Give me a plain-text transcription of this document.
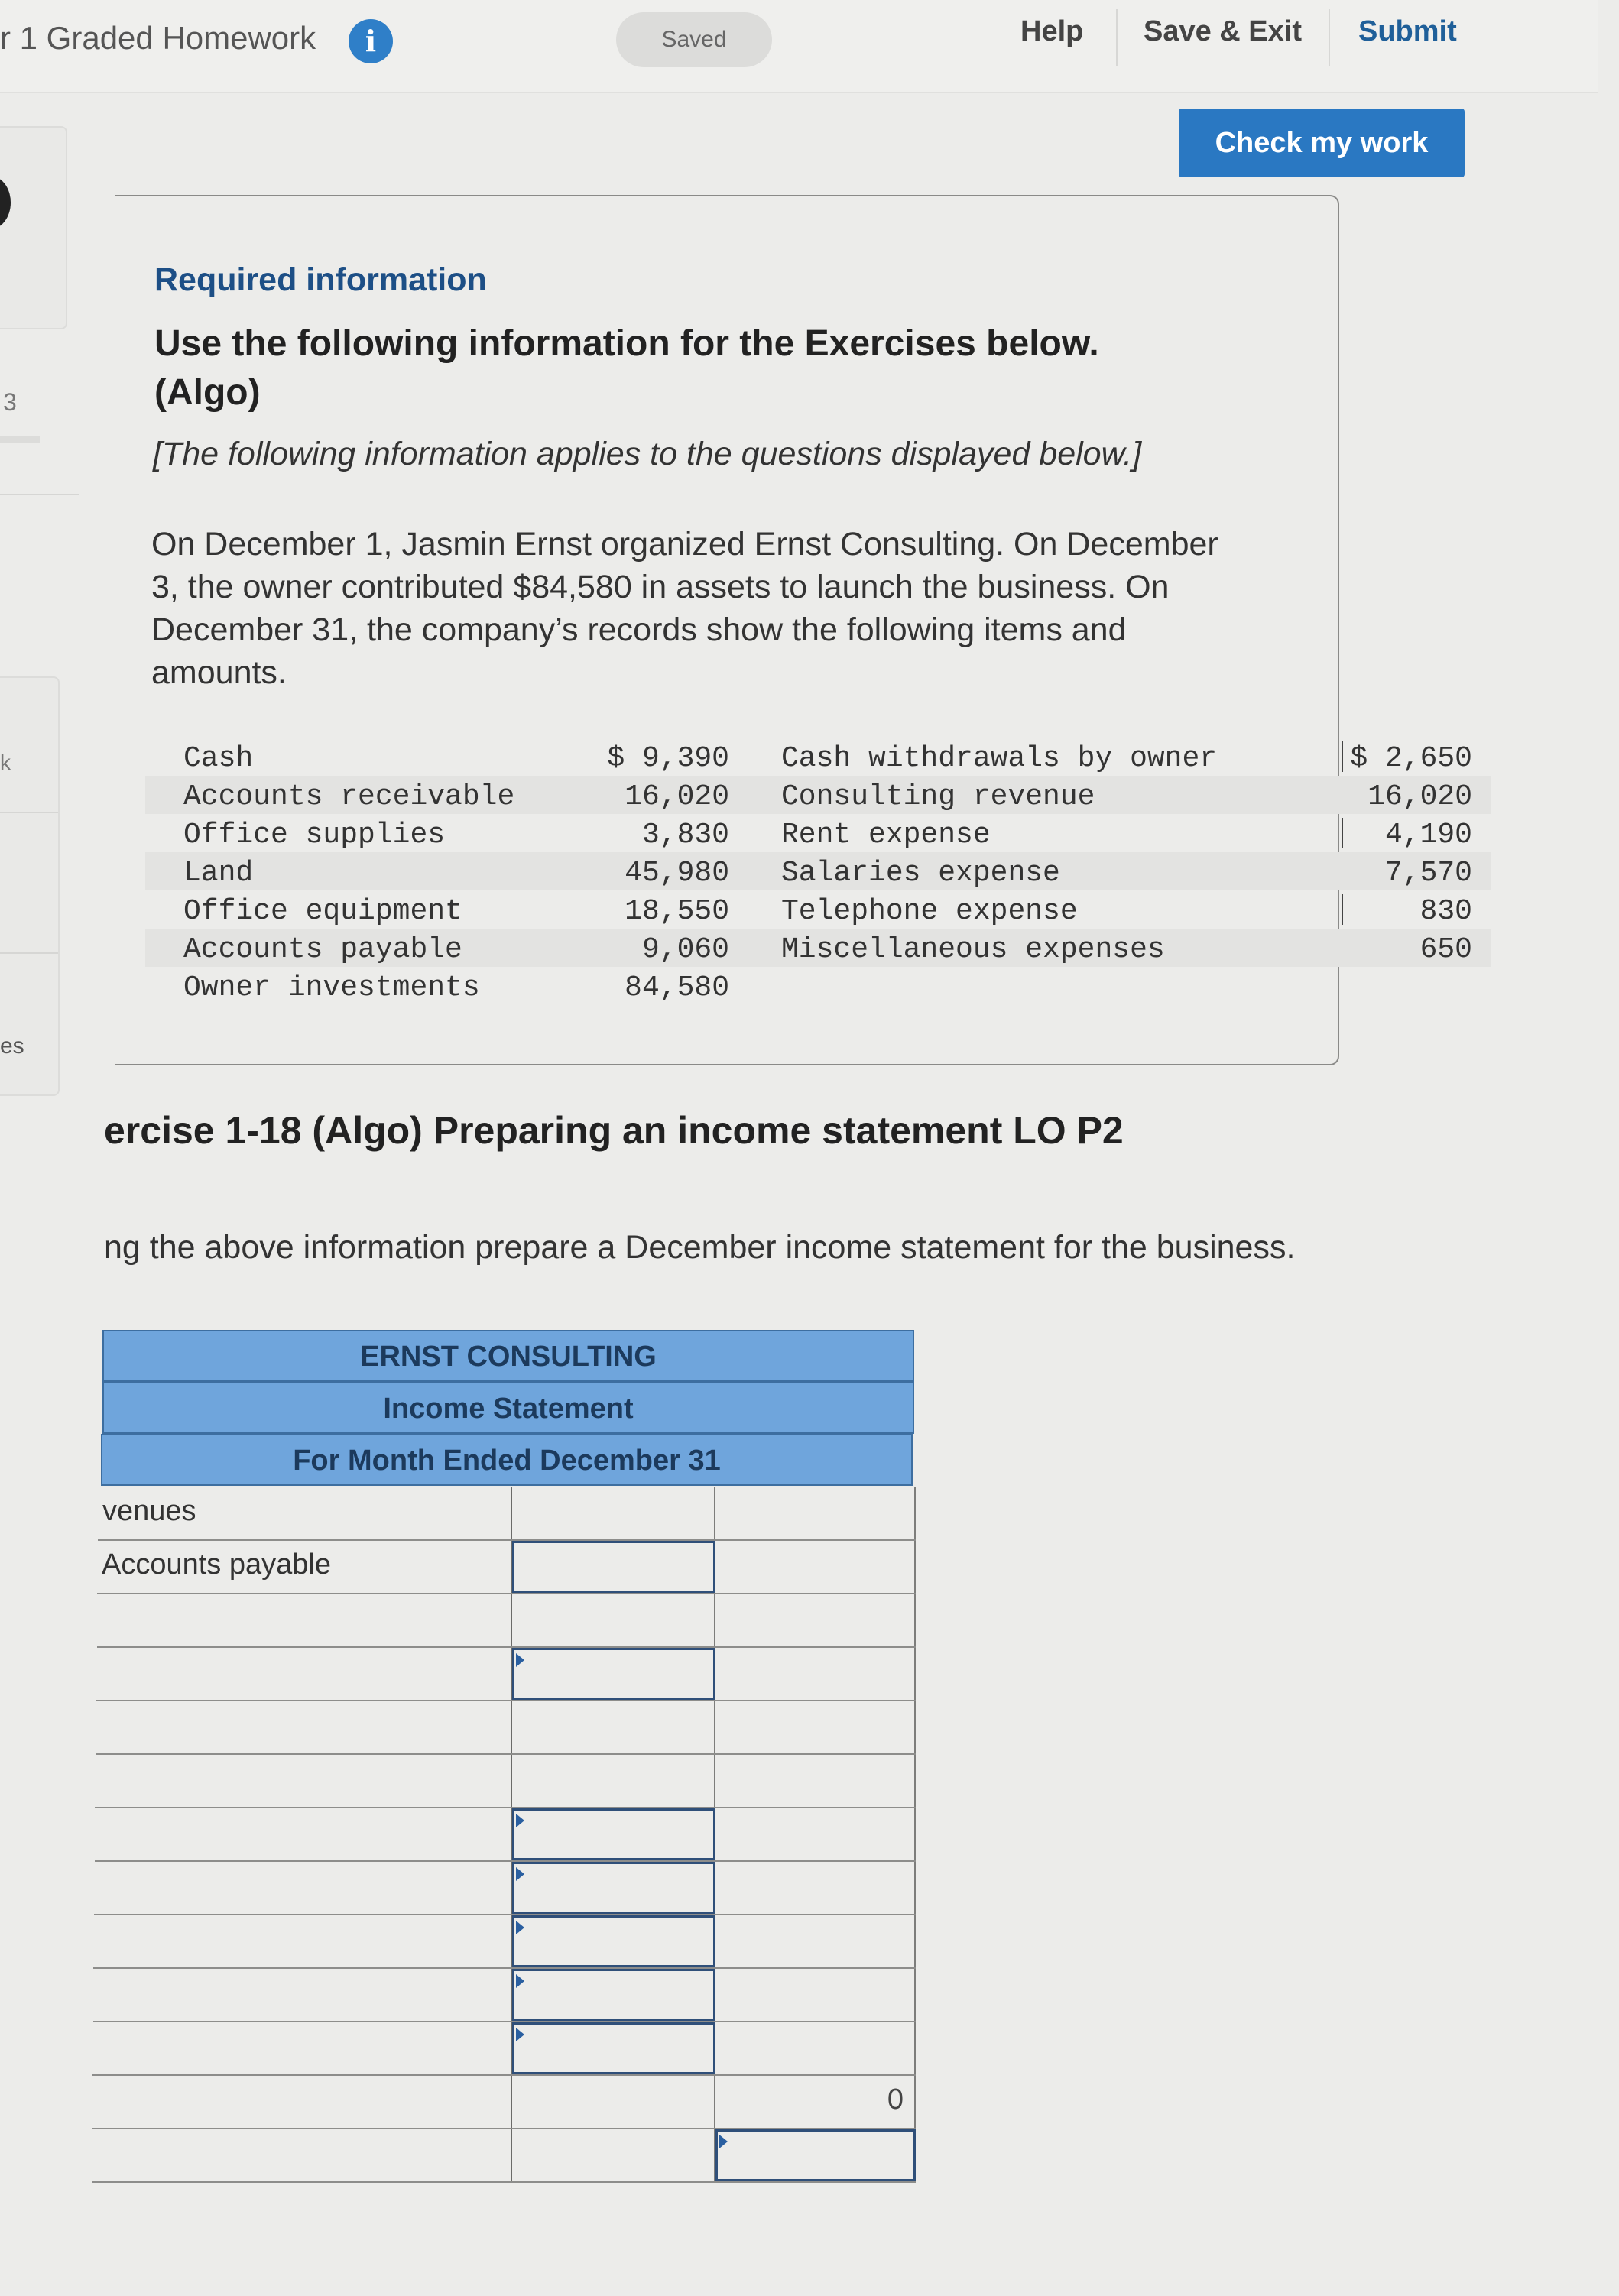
r 1 Graded Homework	i	Saved	Help Save & Exit Submit
Check my work
3
k
es
Required information
Use the following information for the Exercises below. (Algo)
[The following information applies to the questions displayed below.]
On December 1, Jasmin Ernst organized Ernst Consulting. On December 3, the owner contributed $84,580 in assets to launch the business. On December 31, the company’s records show the following items and amounts.
Cash	$ 9,390 Cash withdrawals by owner	$ 2,650
Accounts receivable	16,020 Consulting revenue	16,020
Office supplies	3,830 Rent expense	4,190
Land	45,980 Salaries expense	7,570
Office equipment	18,550 Telephone expense	830
Accounts payable	9,060 Miscellaneous expenses	650
Owner investments	84,580
ercise 1-18 (Algo) Preparing an income statement LO P2
ng the above information prepare a December income statement for the business.
ERNST CONSULTING
Income Statement
For Month Ended December 31
venues
Accounts payable
0
